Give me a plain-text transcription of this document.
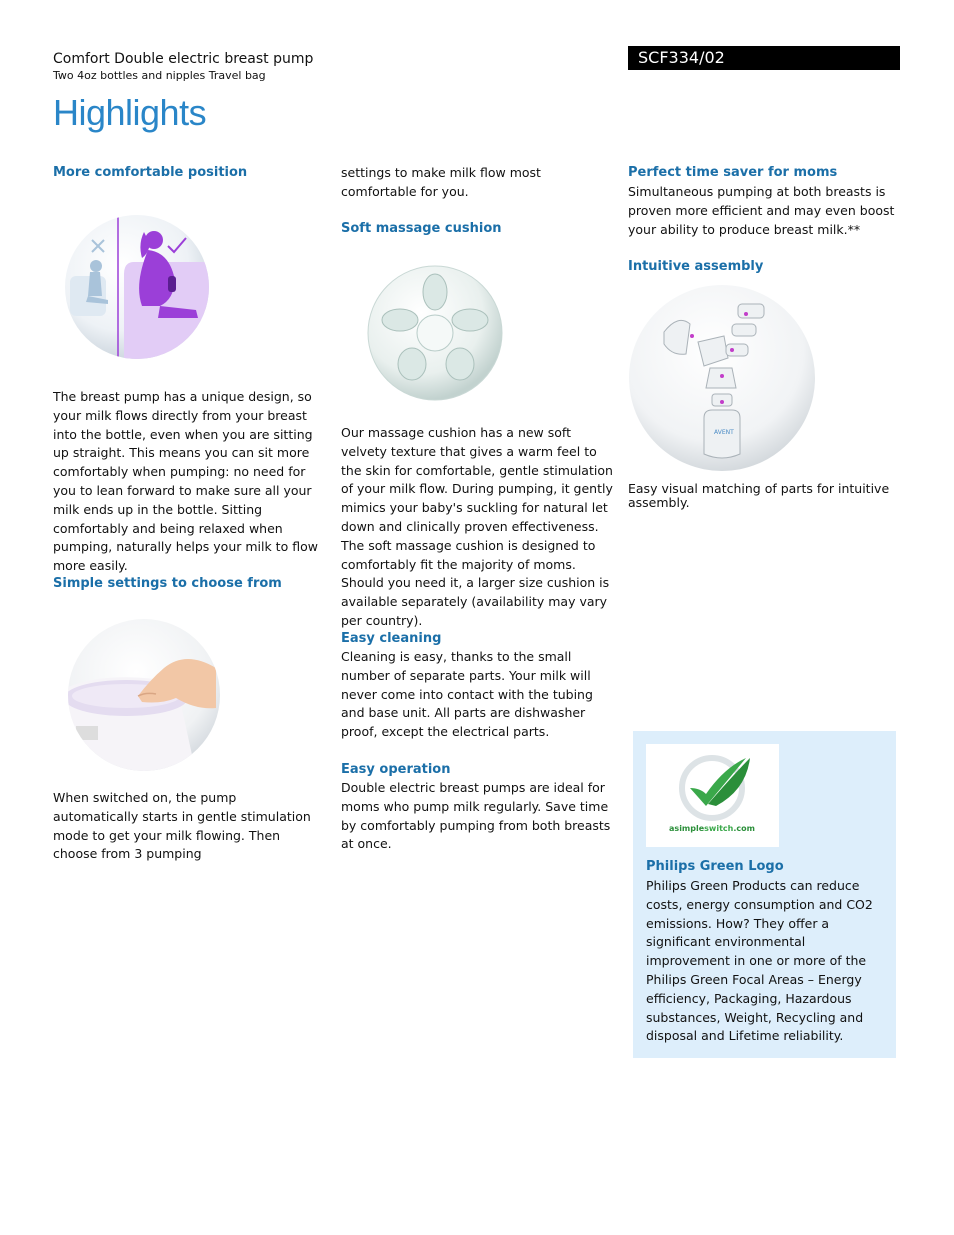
Comfort Double electric breast pump
Two 4oz bottles and nipples Travel bag
SCF334/02
Highlights
More comfortable position
The breast pump has a unique design, so your milk flows directly from your breast into the bottle, even when you are sitting up straight. This means you can sit more comfortably when pumping: no need for you to lean forward to make sure all your milk ends up in the bottle. Sitting comfortably and being relaxed when pumping, naturally helps your milk to flow more easily.
Simple settings to choose from
When switched on, the pump automatically starts in gentle stimulation mode to get your milk flowing. Then choose from 3 pumping
settings to make milk flow most comfortable for you.
Soft massage cushion
Our massage cushion has a new soft velvety texture that gives a warm feel to the skin for comfortable, gentle stimulation of your milk flow. During pumping, it gently mimics your baby's suckling for natural let down and clinically proven effectiveness. The soft massage cushion is designed to comfortably fit the majority of moms. Should you need it, a larger size cushion is available separately (availability may vary per country).
Easy cleaning
Cleaning is easy, thanks to the small number of separate parts. Your milk will never come into contact with the tubing and base unit. All parts are dishwasher proof, except the electrical parts.
Easy operation
Double electric breast pumps are ideal for moms who pump milk regularly. Save time by comfortably pumping from both breasts at once.
Perfect time saver for moms
Simultaneous pumping at both breasts is proven more efficient and may even boost your ability to produce breast milk.**
Intuitive assembly
AVENT
Easy visual matching of parts for intuitive assembly.
asimpleswitch.com
Philips Green Logo
Philips Green Products can reduce costs, energy consumption and CO2 emissions. How? They offer a significant environmental improvement in one or more of the Philips Green Focal Areas – Energy efficiency, Packaging, Hazardous substances, Weight, Recycling and disposal and Lifetime reliability.
